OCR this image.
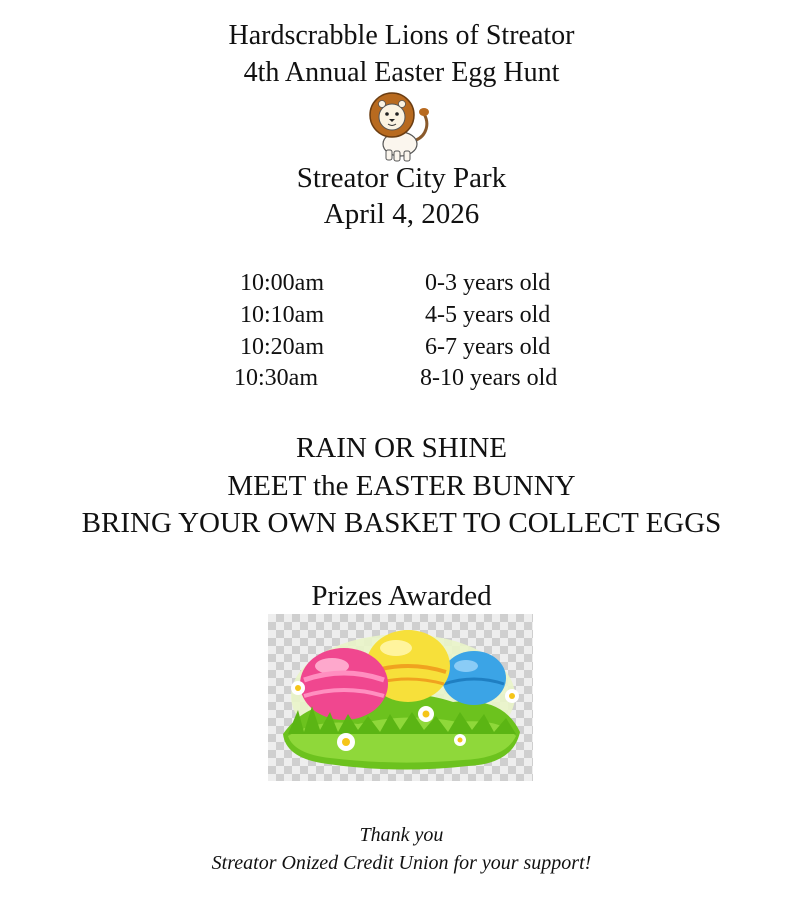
Hardscrabble Lions of Streator
4th Annual Easter Egg Hunt
Streator City Park
April 4, 2026
10:00am	0-3 years old
10:10am	4-5 years old
10:20am	6-7 years old
10:30am	8-10 years old
RAIN OR SHINE
MEET the EASTER BUNNY
BRING YOUR OWN BASKET TO COLLECT EGGS
Prizes Awarded
Thank you
Streator Onized Credit Union for your support!
